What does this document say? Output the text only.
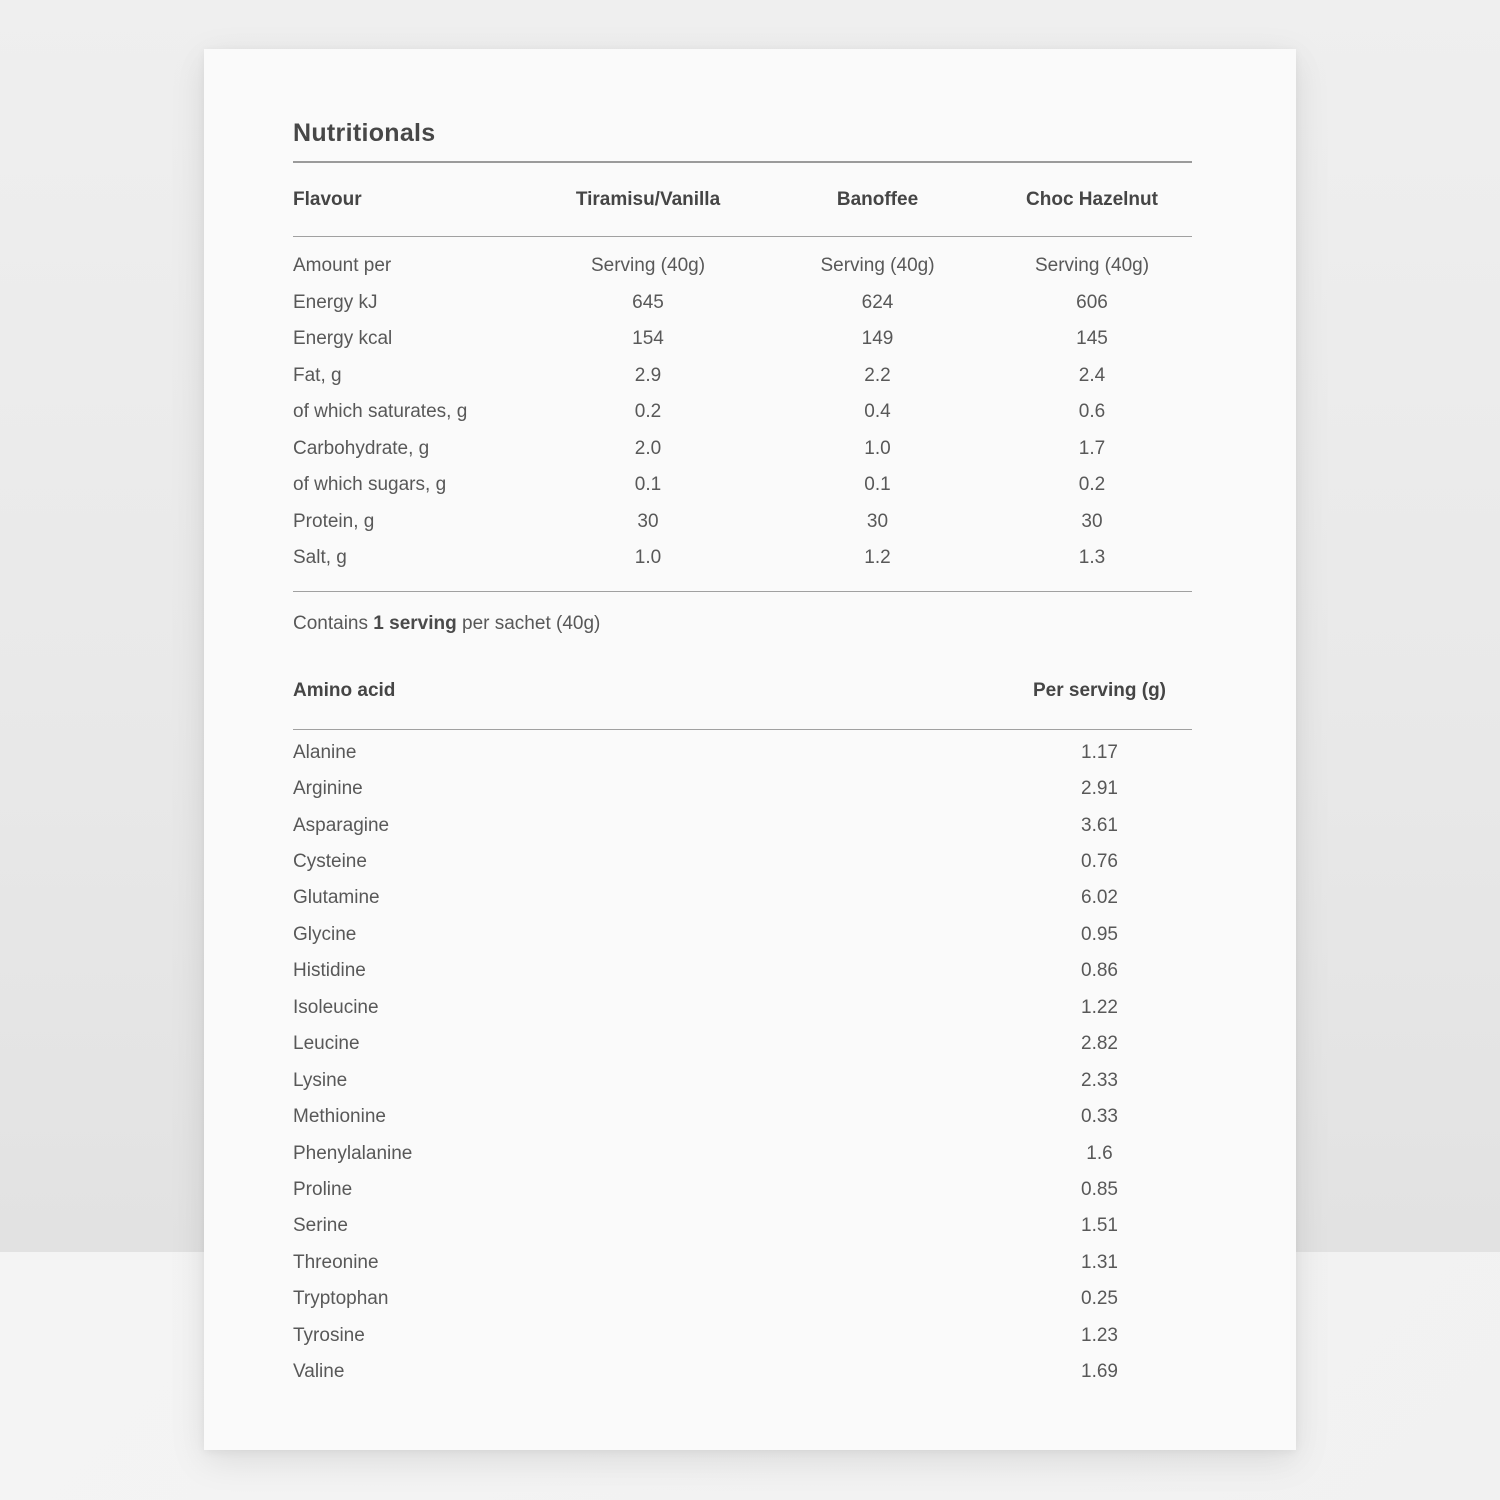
Nutritionals
Flavour	Tiramisu/Vanilla	Banoffee	Choc Hazelnut
Amount per	Serving (40g)	Serving (40g)	Serving (40g)
Energy kJ	645	624	606
Energy kcal	154	149	145
Fat, g	2.9	2.2	2.4
of which saturates, g	0.2	0.4	0.6
Carbohydrate, g	2.0	1.0	1.7
of which sugars, g	0.1	0.1	0.2
Protein, g	30	30	30
Salt, g	1.0	1.2	1.3

Contains 1 serving per sachet (40g)

Amino acid	Per serving (g)
Alanine	1.17
Arginine	2.91
Asparagine	3.61
Cysteine	0.76
Glutamine	6.02
Glycine	0.95
Histidine	0.86
Isoleucine	1.22
Leucine	2.82
Lysine	2.33
Methionine	0.33
Phenylalanine	1.6
Proline	0.85
Serine	1.51
Threonine	1.31
Tryptophan	0.25
Tyrosine	1.23
Valine	1.69
